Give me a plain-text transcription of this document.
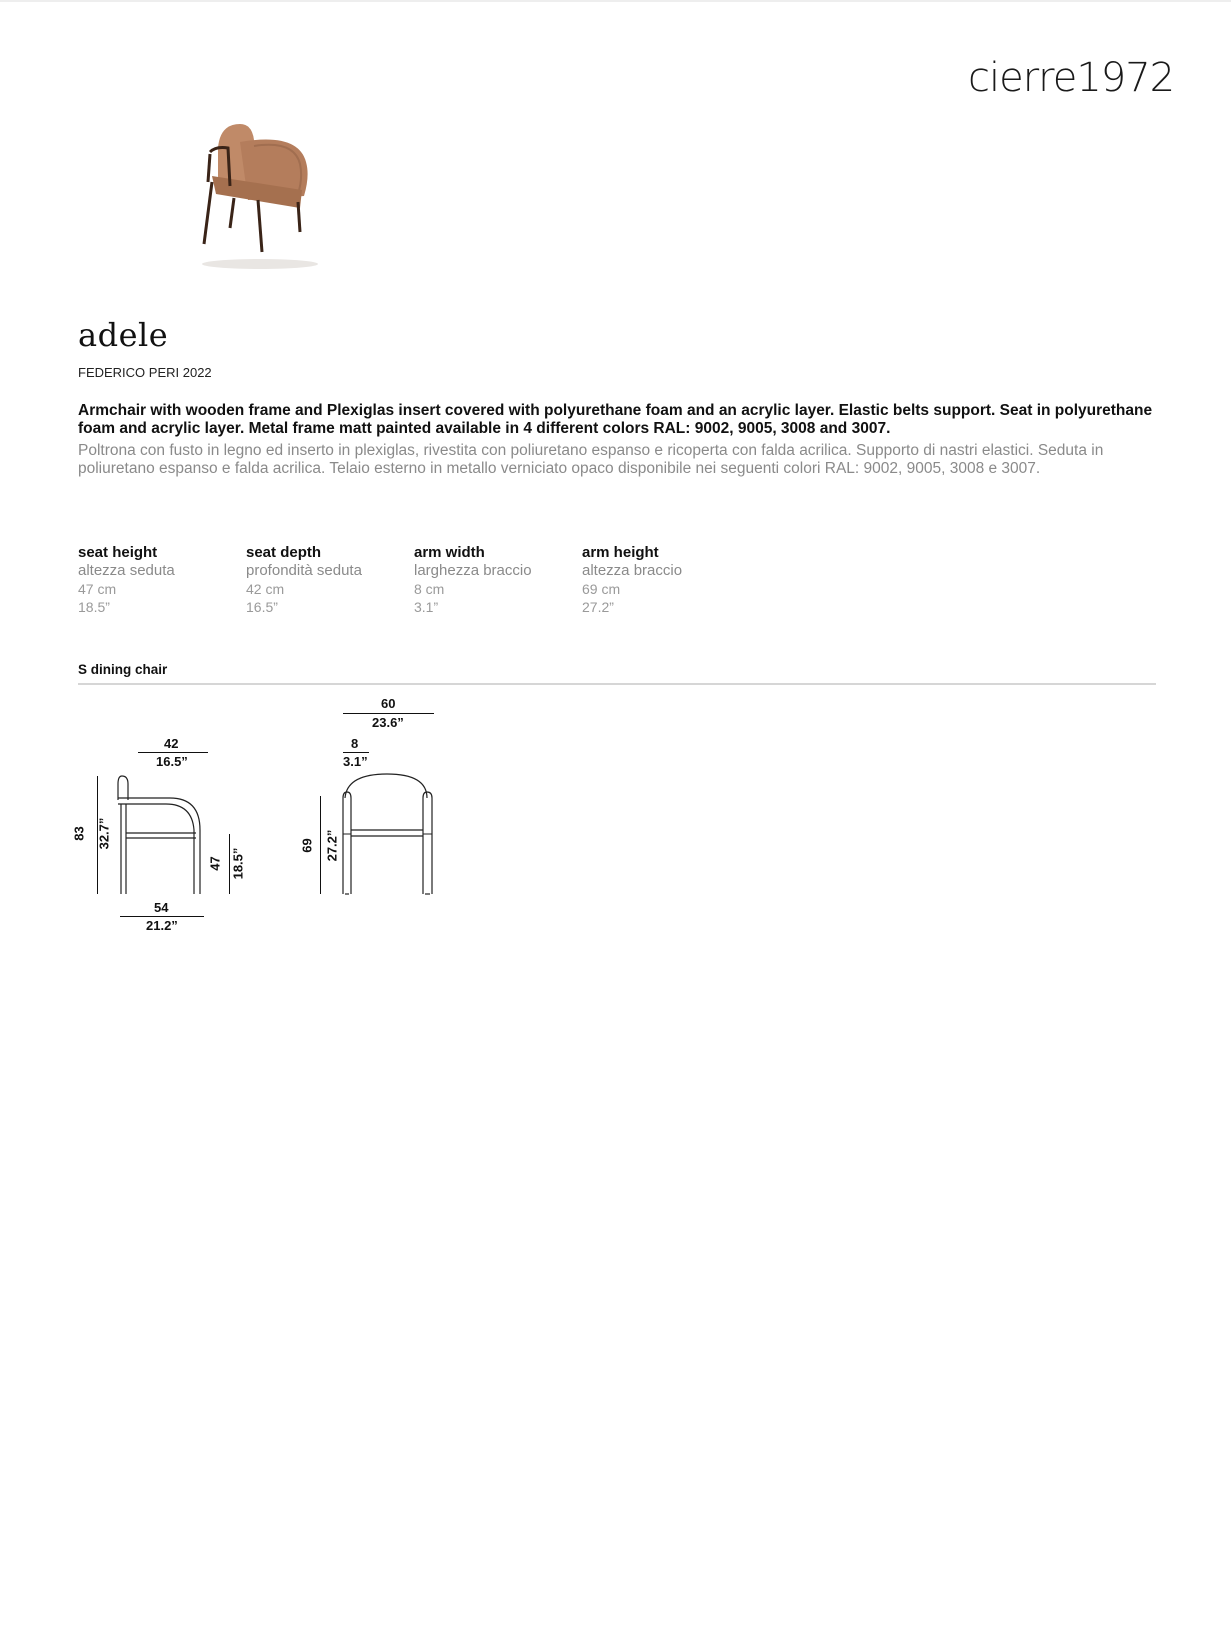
cierre1972
adele
FEDERICO PERI 2022
Armchair with wooden frame and Plexiglas insert covered with polyurethane foam and an acrylic layer. Elastic belts support. Seat in polyurethane foam and acrylic layer. Metal frame matt painted available in 4 different colors RAL: 9002, 9005, 3008 and 3007.
Poltrona con fusto in legno ed inserto in plexiglas, rivestita con poliuretano espanso e ricoperta con falda acrilica. Supporto di nastri elastici. Seduta in poliuretano espanso e falda acrilica. Telaio esterno in metallo verniciato opaco disponibile nei seguenti colori RAL: 9002, 9005, 3008 e 3007.
seat height
altezza seduta
47 cm
18.5”
seat depth
profondità seduta
42 cm
16.5”
arm width
larghezza braccio
8 cm
3.1”
arm height
altezza braccio
69 cm
27.2”
S dining chair
42
16.5”
83 32.7”
47 18.5”
54
21.2”
60
23.6”
8
3.1”
69 27.2”
